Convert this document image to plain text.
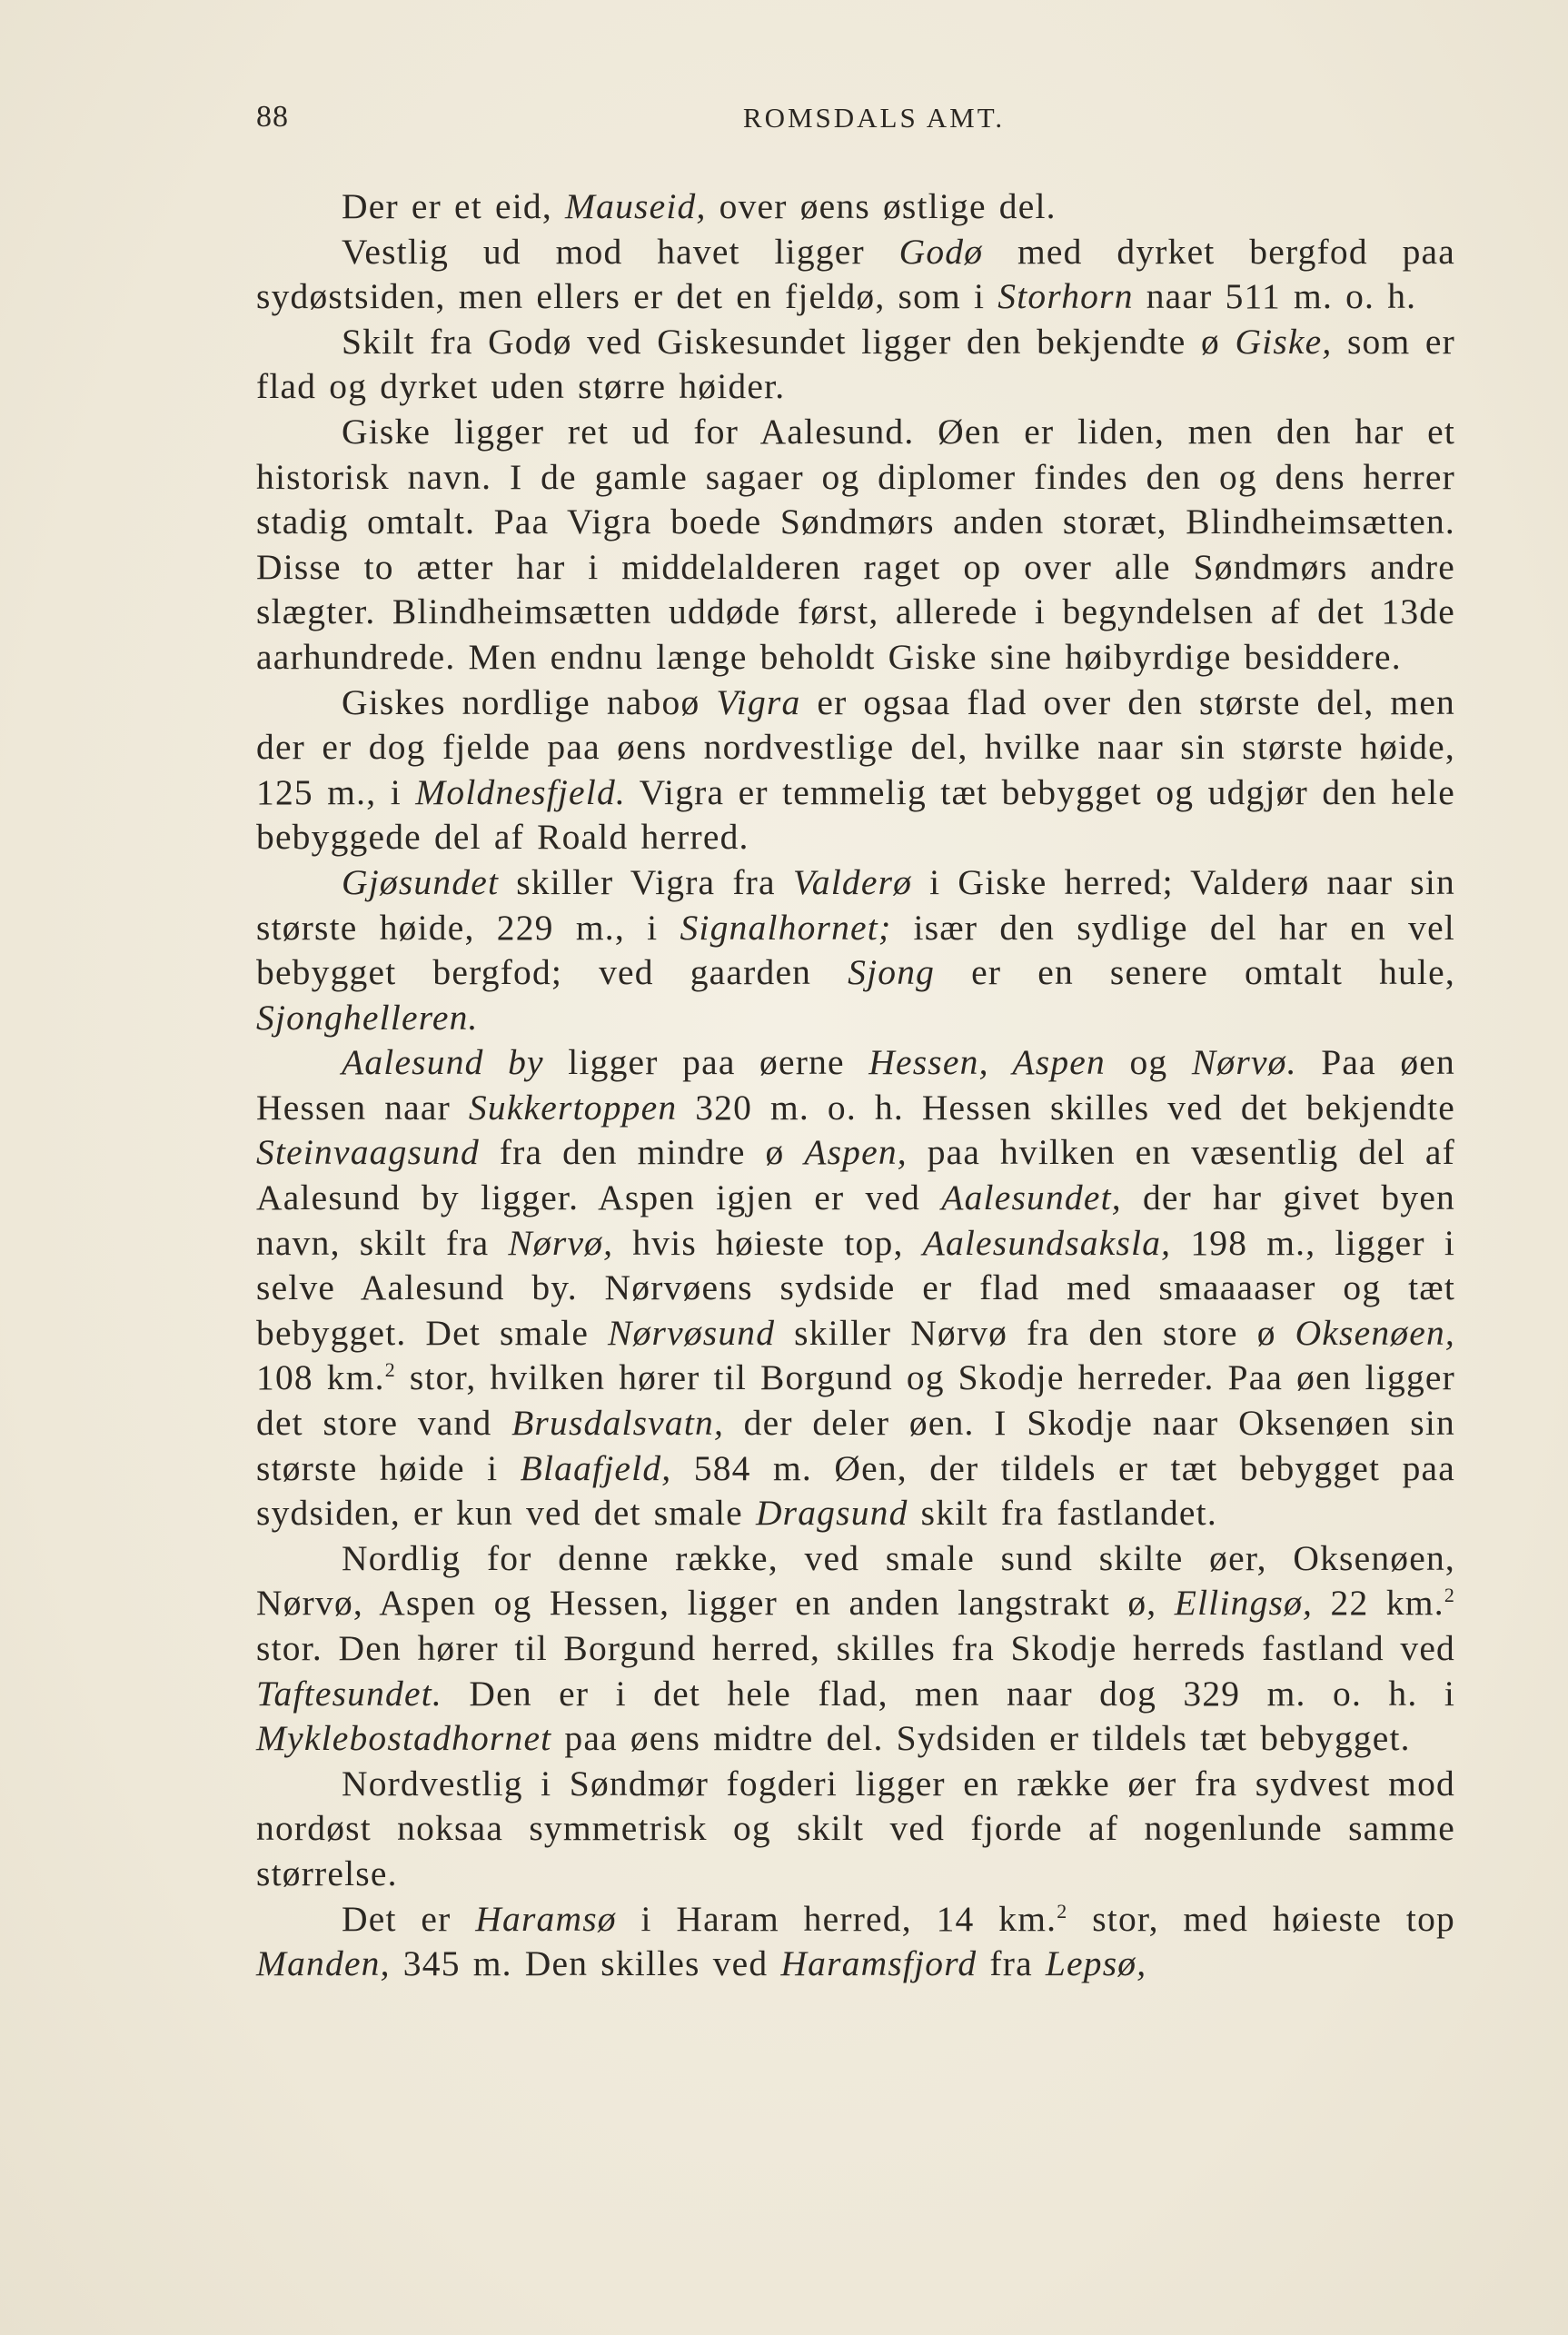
88	ROMSDALS AMT.

Der er et eid, Mauseid, over øens østlige del.

Vestlig ud mod havet ligger Godø med dyrket bergfod paa sydøstsiden, men ellers er det en fjeldø, som i Storhorn naar 511 m. o. h.

Skilt fra Godø ved Giskesundet ligger den bekjendte ø Giske, som er flad og dyrket uden større høider.

Giske ligger ret ud for Aalesund. Øen er liden, men den har et historisk navn. I de gamle sagaer og diplomer findes den og dens herrer stadig omtalt. Paa Vigra boede Søndmørs anden storæt, Blindheimsætten. Disse to ætter har i middelalderen raget op over alle Søndmørs andre slægter. Blindheimsætten uddøde først, allerede i begyndelsen af det 13de aarhundrede. Men endnu længe beholdt Giske sine høibyrdige besiddere.

Giskes nordlige naboø Vigra er ogsaa flad over den største del, men der er dog fjelde paa øens nordvestlige del, hvilke naar sin største høide, 125 m., i Moldnesfjeld. Vigra er temmelig tæt bebygget og udgjør den hele bebyggede del af Roald herred.

Gjøsundet skiller Vigra fra Valderø i Giske herred; Valderø naar sin største høide, 229 m., i Signalhornet; især den sydlige del har en vel bebygget bergfod; ved gaarden Sjong er en senere omtalt hule, Sjonghelleren.

Aalesund by ligger paa øerne Hessen, Aspen og Nørvø. Paa øen Hessen naar Sukkertoppen 320 m. o. h. Hessen skilles ved det bekjendte Steinvaagsund fra den mindre ø Aspen, paa hvilken en væsentlig del af Aalesund by ligger. Aspen igjen er ved Aalesundet, der har givet byen navn, skilt fra Nørvø, hvis høieste top, Aalesundsaksla, 198 m., ligger i selve Aalesund by. Nørvøens sydside er flad med smaaaaser og tæt bebygget. Det smale Nørvøsund skiller Nørvø fra den store ø Oksenøen, 108 km.$^2$ stor, hvilken hører til Borgund og Skodje herreder. Paa øen ligger det store vand Brusdalsvatn, der deler øen. I Skodje naar Oksenøen sin største høide i Blaafjeld, 584 m. Øen, der tildels er tæt bebygget paa sydsiden, er kun ved det smale Dragsund skilt fra fastlandet.

Nordlig for denne række, ved smale sund skilte øer, Oksenøen, Nørvø, Aspen og Hessen, ligger en anden langstrakt ø, Ellingsø, 22 km.$^2$ stor. Den hører til Borgund herred, skilles fra Skodje herreds fastland ved Taftesundet. Den er i det hele flad, men naar dog 329 m. o. h. i Myklebostadhornet paa øens midtre del. Sydsiden er tildels tæt bebygget.

Nordvestlig i Søndmør fogderi ligger en række øer fra sydvest mod nordøst noksaa symmetrisk og skilt ved fjorde af nogenlunde samme størrelse.

Det er Haramsø i Haram herred, 14 km.$^2$ stor, med høieste top Manden, 345 m. Den skilles ved Haramsfjord fra Lepsø,
